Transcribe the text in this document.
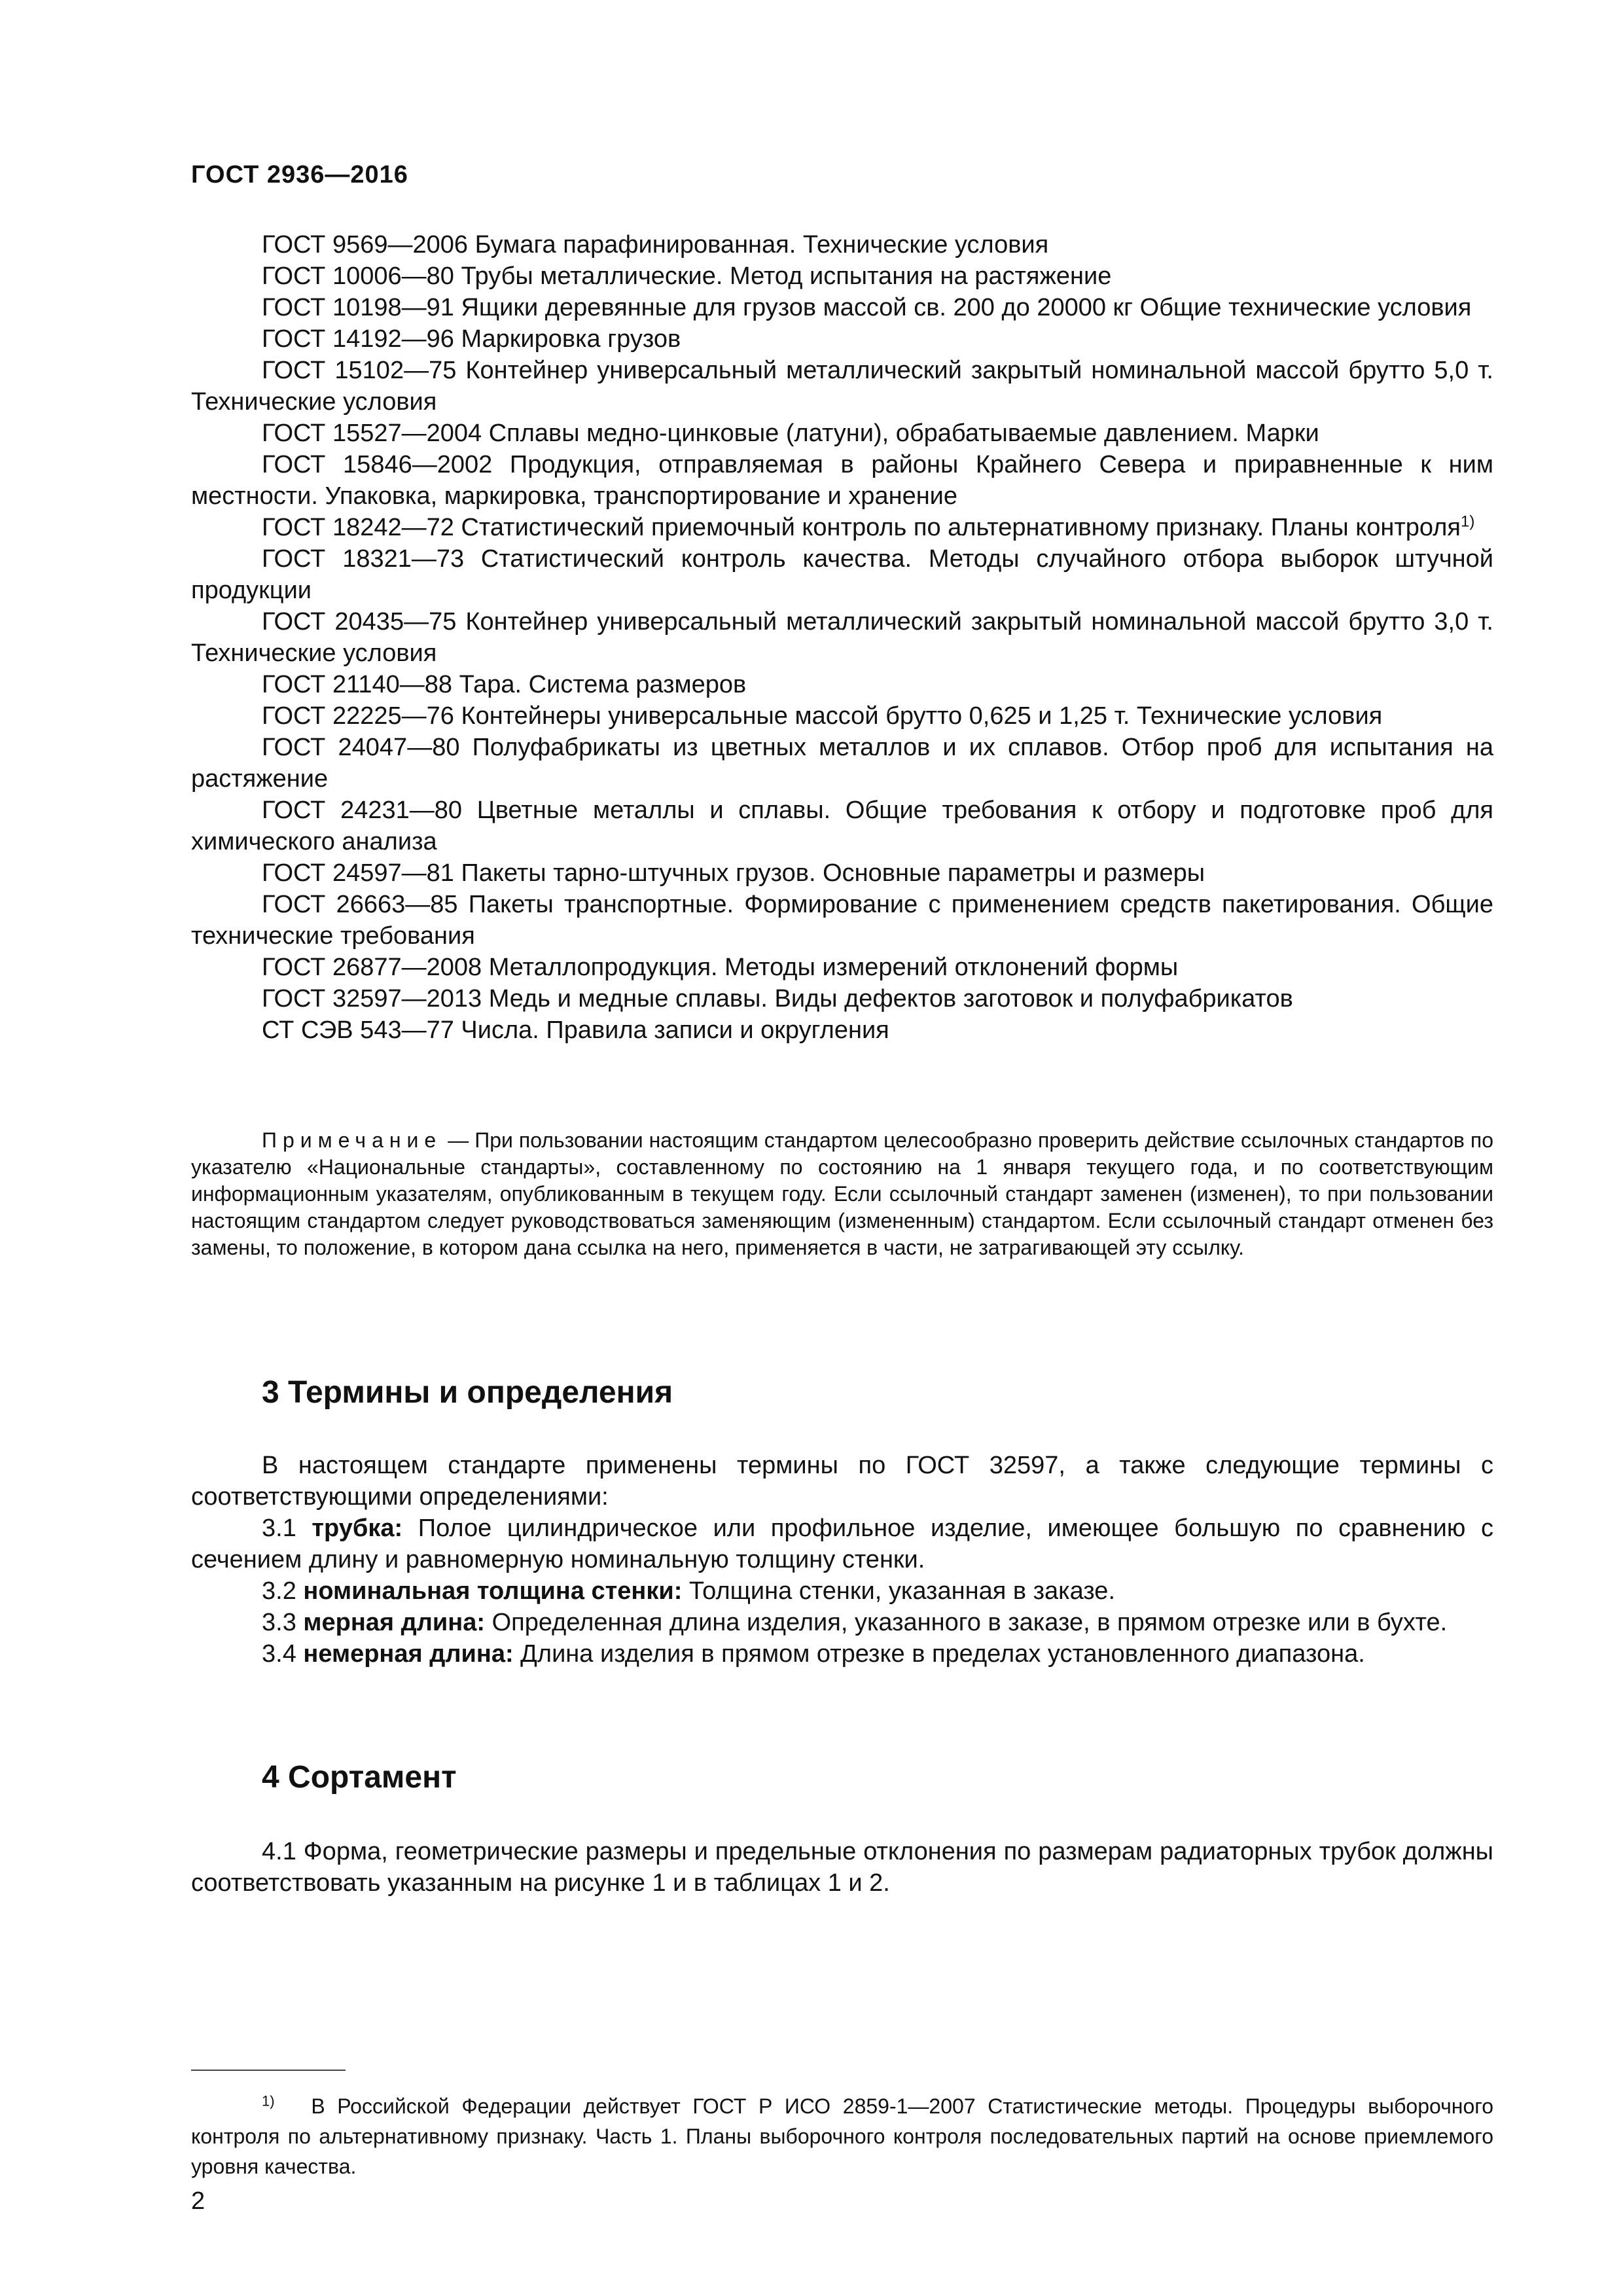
ГОСТ 2936—2016

ГОСТ 9569—2006 Бумага парафинированная. Технические условия

ГОСТ 10006—80 Трубы металлические. Метод испытания на растяжение

ГОСТ 10198—91 Ящики деревянные для грузов массой св. 200 до 20000 кг Общие технические условия

ГОСТ 14192—96 Маркировка грузов

ГОСТ 15102—75 Контейнер универсальный металлический закрытый номинальной массой брутто 5,0 т. Технические условия

ГОСТ 15527—2004 Сплавы медно-цинковые (латуни), обрабатываемые давлением. Марки

ГОСТ 15846—2002 Продукция, отправляемая в районы Крайнего Севера и приравненные к ним местности. Упаковка, маркировка, транспортирование и хранение

ГОСТ 18242—72 Статистический приемочный контроль по альтернативному признаку. Планы контроля$^{1)}$

ГОСТ 18321—73 Статистический контроль качества. Методы случайного отбора выборок штучной продукции

ГОСТ 20435—75 Контейнер универсальный металлический закрытый номинальной массой брутто 3,0 т. Технические условия

ГОСТ 21140—88 Тара. Система размеров

ГОСТ 22225—76 Контейнеры универсальные массой брутто 0,625 и 1,25 т. Технические условия

ГОСТ 24047—80 Полуфабрикаты из цветных металлов и их сплавов. Отбор проб для испытания на растяжение

ГОСТ 24231—80 Цветные металлы и сплавы. Общие требования к отбору и подготовке проб для химического анализа

ГОСТ 24597—81 Пакеты тарно-штучных грузов. Основные параметры и размеры

ГОСТ 26663—85 Пакеты транспортные. Формирование с применением средств пакетирования. Общие технические требования

ГОСТ 26877—2008 Металлопродукция. Методы измерений отклонений формы

ГОСТ 32597—2013 Медь и медные сплавы. Виды дефектов заготовок и полуфабрикатов

СТ СЭВ 543—77 Числа. Правила записи и округления

Примечание — При пользовании настоящим стандартом целесообразно проверить действие ссылочных стандартов по указателю «Национальные стандарты», составленному по состоянию на 1 января текущего года, и по соответствующим информационным указателям, опубликованным в текущем году. Если ссылочный стандарт заменен (изменен), то при пользовании настоящим стандартом следует руководствоваться заменяющим (измененным) стандартом. Если ссылочный стандарт отменен без замены, то положение, в котором дана ссылка на него, применяется в части, не затрагивающей эту ссылку.
3 Термины и определения

В настоящем стандарте применены термины по ГОСТ 32597, а также следующие термины с соответствующими определениями:

3.1 трубка: Полое цилиндрическое или профильное изделие, имеющее большую по сравнению с сечением длину и равномерную номинальную толщину стенки.

3.2 номинальная толщина стенки: Толщина стенки, указанная в заказе.

3.3 мерная длина: Определенная длина изделия, указанного в заказе, в прямом отрезке или в бухте.

3.4 немерная длина: Длина изделия в прямом отрезке в пределах установленного диапазона.

4 Сортамент

4.1 Форма, геометрические размеры и предельные отклонения по размерам радиаторных трубок должны соответствовать указанным на рисунке 1 и в таблицах 1 и 2.

$^{1)}$ В Российской Федерации действует ГОСТ Р ИСО 2859-1—2007 Статистические методы. Процедуры выборочного контроля по альтернативному признаку. Часть 1. Планы выборочного контроля последовательных партий на основе приемлемого уровня качества.
2
